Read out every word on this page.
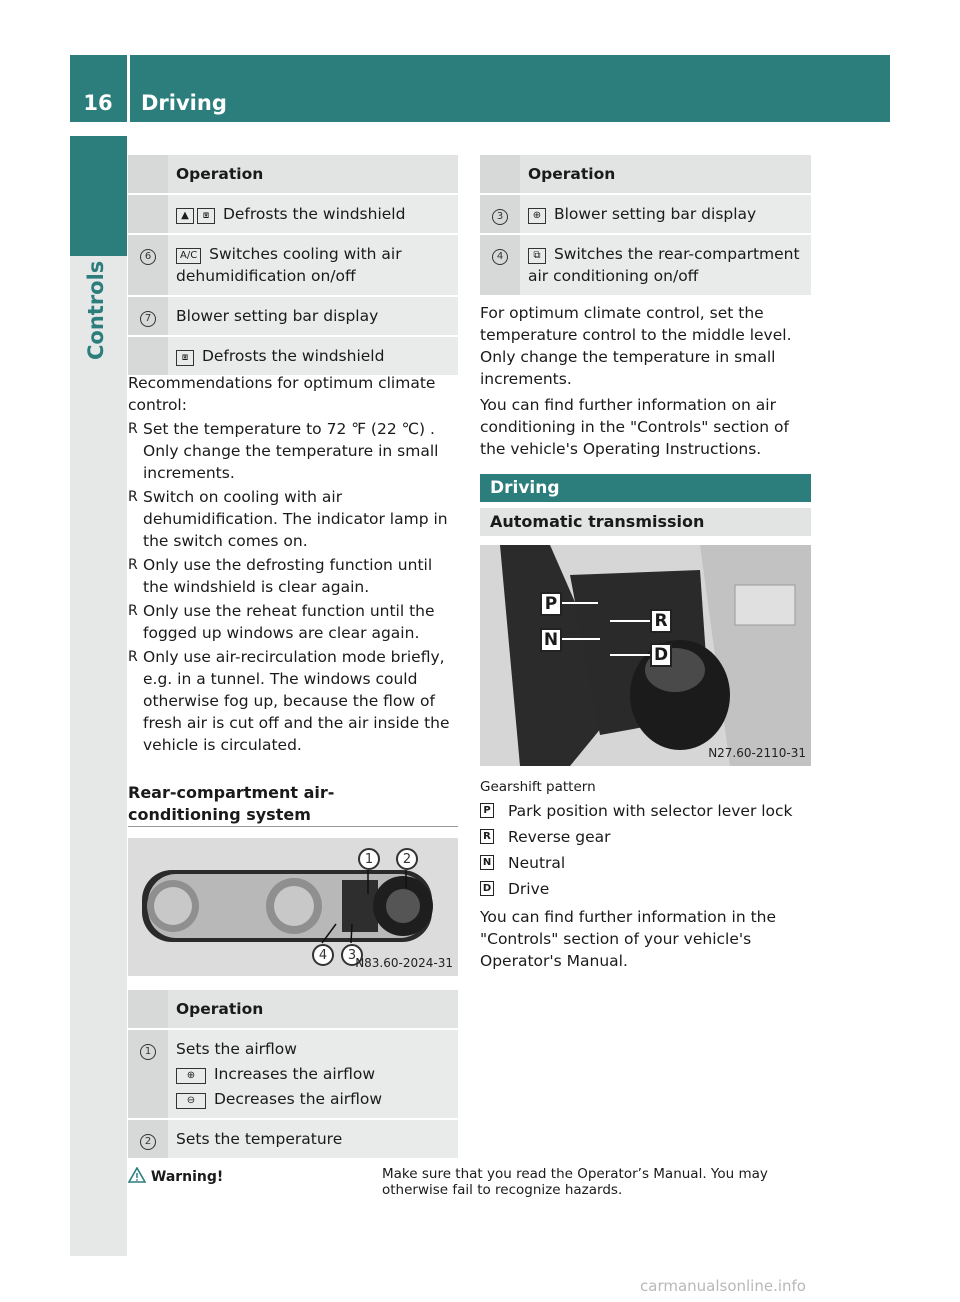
16	Driving
Controls
	Operation
	▲ ⧆ Defrosts the windshield
6	A/C Switches cooling with air dehumidification on/off
7	Blower setting bar display
	⧆ Defrosts the windshield
Recommendations for optimum climate control:
R Set the temperature to 72 ℉ (22 ℃) . Only change the temperature in small increments.
R Switch on cooling with air dehumidification. The indicator lamp in the switch comes on.
R Only use the defrosting function until the windshield is clear again.
R Only use the reheat function until the fogged up windows are clear again.
R Only use air-recirculation mode briefly, e.g. in a tunnel. The windows could otherwise fog up, because the flow of fresh air is cut off and the air inside the vehicle is circulated.
Rear-compartment air-conditioning system
1	2
4	3 N83.60-2024-31
	Operation
1	Sets the airflow
⊕ Increases the airflow
⊖ Decreases the airflow

2	Sets the temperature
	Operation
3	⊕ Blower setting bar display
4	⧉ Switches the rear-compartment air conditioning on/off

For optimum climate control, set the temperature control to the middle level. Only change the temperature in small increments.

You can find further information on air conditioning in the "Controls" section of the vehicle's Operating Instructions.

Driving
Automatic transmission
P
R
N
D
N27.60-2110-31
Gearshift pattern
P Park position with selector lever lock
R Reverse gear
N Neutral
D Drive

You can find further information in the "Controls" section of your vehicle's Operator's Manual.

Warning!	Make sure that you read the Operator’s Manual. You may otherwise fail to recognize hazards.
carmanualsonline.info
